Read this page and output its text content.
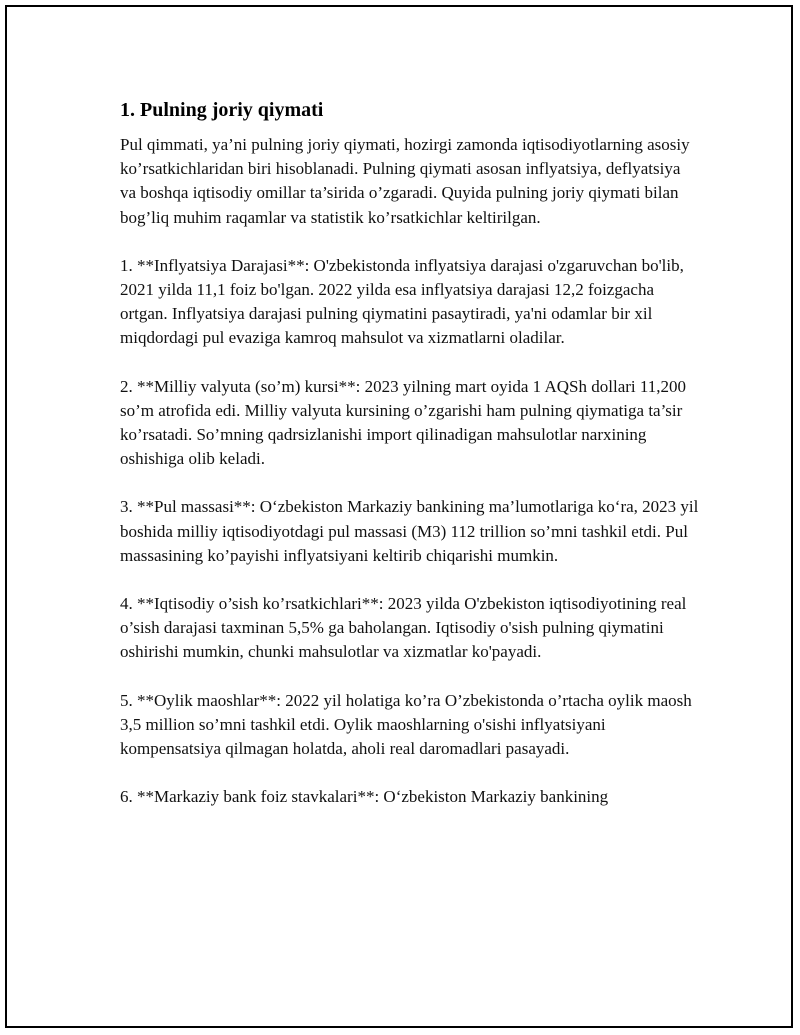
1. Pulning joriy qiymati

Pul qimmati, ya’ni pulning joriy qiymati, hozirgi zamonda iqtisodiyotlarning asosiy ko’rsatkichlaridan biri hisoblanadi. Pulning qiymati asosan inflyatsiya, deflyatsiya va boshqa iqtisodiy omillar ta’sirida o’zgaradi. Quyida pulning joriy qiymati bilan bog’liq muhim raqamlar va statistik ko’rsatkichlar keltirilgan.

1. **Inflyatsiya Darajasi**: O'zbekistonda inflyatsiya darajasi o'zgaruvchan bo'lib, 2021 yilda 11,1 foiz bo'lgan. 2022 yilda esa inflyatsiya darajasi 12,2 foizgacha ortgan. Inflyatsiya darajasi pulning qiymatini pasaytiradi, ya'ni odamlar bir xil miqdordagi pul evaziga kamroq mahsulot va xizmatlarni oladilar.

2. **Milliy valyuta (so’m) kursi**: 2023 yilning mart oyida 1 AQSh dollari 11,200 so’m atrofida edi. Milliy valyuta kursining o’zgarishi ham pulning qiymatiga ta’sir ko’rsatadi. So’mning qadrsizlanishi import qilinadigan mahsulotlar narxining oshishiga olib keladi.

3. **Pul massasi**: O‘zbekiston Markaziy bankining ma’lumotlariga ko‘ra, 2023 yil boshida milliy iqtisodiyotdagi pul massasi (M3) 112 trillion so’mni tashkil etdi. Pul massasining ko’payishi inflyatsiyani keltirib chiqarishi mumkin.

4. **Iqtisodiy o’sish ko’rsatkichlari**: 2023 yilda O'zbekiston iqtisodiyotining real o’sish darajasi taxminan 5,5% ga baholangan. Iqtisodiy o'sish pulning qiymatini oshirishi mumkin, chunki mahsulotlar va xizmatlar ko'payadi.

5. **Oylik maoshlar**: 2022 yil holatiga ko’ra O’zbekistonda o’rtacha oylik maosh 3,5 million so’mni tashkil etdi. Oylik maoshlarning o'sishi inflyatsiyani kompensatsiya qilmagan holatda, aholi real daromadlari pasayadi.

6. **Markaziy bank foiz stavkalari**: O‘zbekiston Markaziy bankining
